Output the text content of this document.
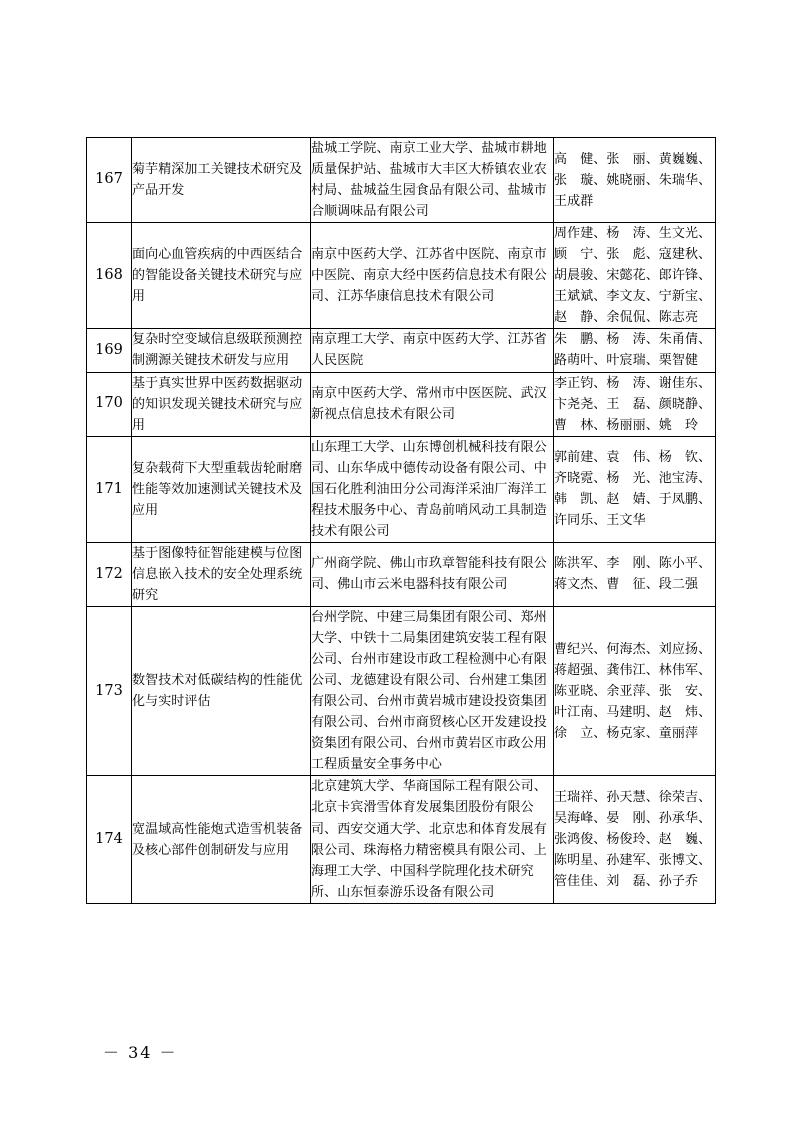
167	菊芋精深加工关键技术研究及产品开发	盐城工学院、南京工业大学、盐城市耕地质量保护站、盐城市大丰区大桥镇农业农村局、盐城益生园食品有限公司、盐城市合顺调味品有限公司	高　健、张　丽、黄巍巍、张　璇、姚晓丽、朱瑞华、王成群
168	面向心血管疾病的中西医结合的智能设备关键技术研究与应用	南京中医药大学、江苏省中医院、南京市中医院、南京大经中医药信息技术有限公司、江苏华康信息技术有限公司	周作建、杨　涛、生文光、顾　宁、张　彪、寇建秋、胡晨骏、宋懿花、郎许锋、王斌斌、李文友、宁新宝、赵　静、余侃侃、陈志亮
169	复杂时空变域信息级联预测控制溯源关键技术研发与应用	南京理工大学、南京中医药大学、江苏省人民医院	朱　鹏、杨　涛、朱甬倩、路萌叶、叶宸瑞、栗智健
170	基于真实世界中医药数据驱动的知识发现关键技术研究与应用	南京中医药大学、常州市中医医院、武汉新视点信息技术有限公司	李正钧、杨　涛、谢佳东、卞尧尧、王　磊、颜晓静、曹　林、杨丽丽、姚　玲
171	复杂载荷下大型重载齿轮耐磨性能等效加速测试关键技术及应用	山东理工大学、山东博创机械科技有限公司、山东华成中德传动设备有限公司、中国石化胜利油田分公司海洋采油厂海洋工程技术服务中心、青岛前哨风动工具制造技术有限公司	郭前建、袁　伟、杨　钦、齐晓霓、杨　光、池宝涛、韩　凯、赵　婧、于凤鹏、许同乐、王文华
172	基于图像特征智能建模与位图信息嵌入技术的安全处理系统研究	广州商学院、佛山市玖章智能科技有限公司、佛山市云米电器科技有限公司	陈洪军、李　刚、陈小平、蒋文杰、曹　征、段二强
173	数智技术对低碳结构的性能优化与实时评估	台州学院、中建三局集团有限公司、郑州大学、中铁十二局集团建筑安装工程有限公司、台州市建设市政工程检测中心有限公司、龙德建设有限公司、台州建工集团有限公司、台州市黄岩城市建设投资集团有限公司、台州市商贸核心区开发建设投资集团有限公司、台州市黄岩区市政公用工程质量安全事务中心	曹纪兴、何海杰、刘应扬、蒋超强、龚伟江、林伟军、陈亚晓、余亚萍、张　安、叶江南、马建明、赵　炜、徐　立、杨克家、童丽萍
174	宽温域高性能炮式造雪机装备及核心部件创制研发与应用	北京建筑大学、华商国际工程有限公司、北京卡宾滑雪体育发展集团股份有限公司、西安交通大学、北京忠和体育发展有限公司、珠海格力精密模具有限公司、上海理工大学、中国科学院理化技术研究所、山东恒泰游乐设备有限公司	王瑞祥、孙天慧、徐荣吉、吴海峰、晏　刚、孙承华、张鸿俊、杨俊玲、赵　巍、陈明星、孙建军、张博文、管佳佳、刘　磊、孙子乔
－ 34 －
